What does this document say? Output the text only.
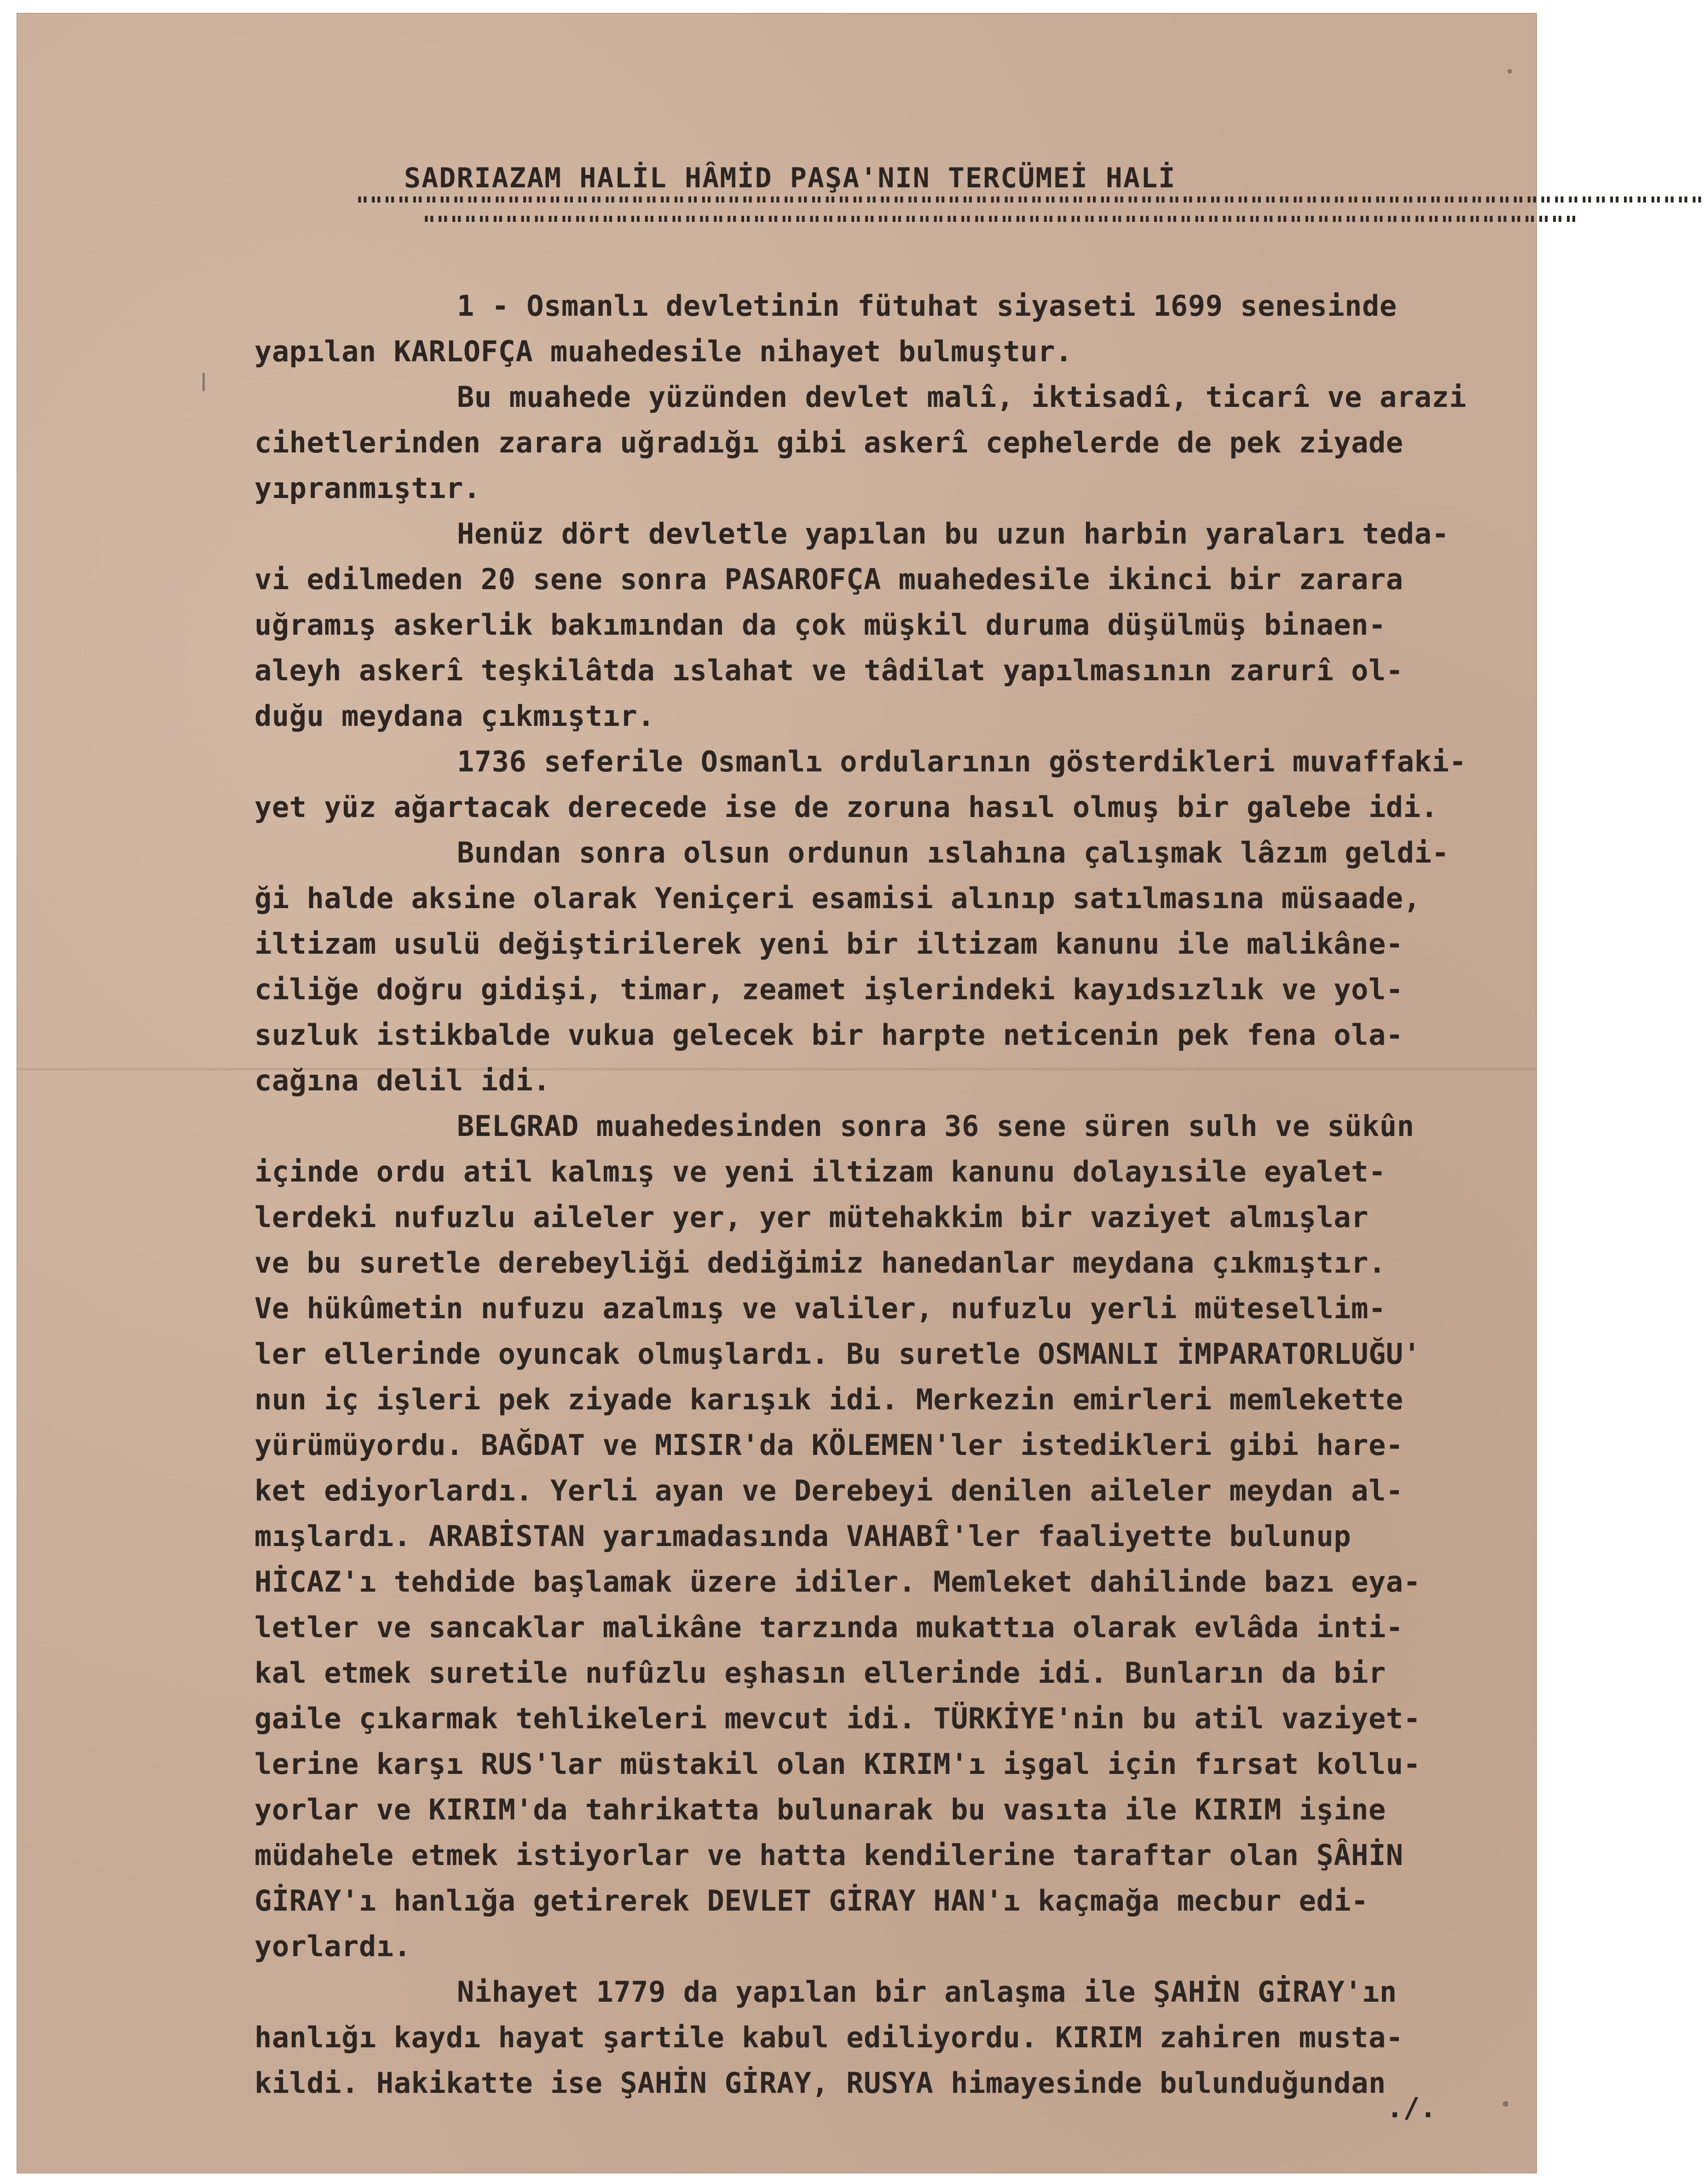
SADRIAZAM HALİL HÂMİD PAŞA'NIN TERCÜMEİ HALİ
""""""""""""""""""""""""""""""""""""""""""""""""""""""""""""""""""""""""""""""""""""""""""""""""""
""""""""""""""""""""""""""""""""""""""""""""""""""""""""""""""""""""""""""""""""""""
1 - Osmanlı devletinin fütuhat siyaseti 1699 senesinde
yapılan KARLOFÇA muahedesile nihayet bulmuştur.
Bu muahede yüzünden devlet malî, iktisadî, ticarî ve arazi
cihetlerinden zarara uğradığı gibi askerî cephelerde de pek ziyade
yıpranmıştır.
Henüz dört devletle yapılan bu uzun harbin yaraları teda-
vi edilmeden 20 sene sonra PASAROFÇA muahedesile ikinci bir zarara
uğramış askerlik bakımından da çok müşkil duruma düşülmüş binaen-
aleyh askerî teşkilâtda ıslahat ve tâdilat yapılmasının zarurî ol-
duğu meydana çıkmıştır.
1736 seferile Osmanlı ordularının gösterdikleri muvaffaki-
yet yüz ağartacak derecede ise de zoruna hasıl olmuş bir galebe idi.
Bundan sonra olsun ordunun ıslahına çalışmak lâzım geldi-
ği halde aksine olarak Yeniçeri esamisi alınıp satılmasına müsaade,
iltizam usulü değiştirilerek yeni bir iltizam kanunu ile malikâne-
ciliğe doğru gidişi, timar, zeamet işlerindeki kayıdsızlık ve yol-
suzluk istikbalde vukua gelecek bir harpte neticenin pek fena ola-
cağına delil idi.
BELGRAD muahedesinden sonra 36 sene süren sulh ve sükûn
içinde ordu atil kalmış ve yeni iltizam kanunu dolayısile eyalet-
lerdeki nufuzlu aileler yer, yer mütehakkim bir vaziyet almışlar
ve bu suretle derebeyliği dediğimiz hanedanlar meydana çıkmıştır.
Ve hükûmetin nufuzu azalmış ve valiler, nufuzlu yerli mütesellim-
ler ellerinde oyuncak olmuşlardı. Bu suretle OSMANLI İMPARATORLUĞU'
nun iç işleri pek ziyade karışık idi. Merkezin emirleri memlekette
yürümüyordu. BAĞDAT ve MISIR'da KÖLEMEN'ler istedikleri gibi hare-
ket ediyorlardı. Yerli ayan ve Derebeyi denilen aileler meydan al-
mışlardı. ARABİSTAN yarımadasında VAHABÎ'ler faaliyette bulunup
HİCAZ'ı tehdide başlamak üzere idiler. Memleket dahilinde bazı eya-
letler ve sancaklar malikâne tarzında mukattıa olarak evlâda inti-
kal etmek suretile nufûzlu eşhasın ellerinde idi. Bunların da bir
gaile çıkarmak tehlikeleri mevcut idi. TÜRKİYE'nin bu atil vaziyet-
lerine karşı RUS'lar müstakil olan KIRIM'ı işgal için fırsat kollu-
yorlar ve KIRIM'da tahrikatta bulunarak bu vasıta ile KIRIM işine
müdahele etmek istiyorlar ve hatta kendilerine taraftar olan ŞÂHİN
GİRAY'ı hanlığa getirerek DEVLET GİRAY HAN'ı kaçmağa mecbur edi-
yorlardı.
Nihayet 1779 da yapılan bir anlaşma ile ŞAHİN GİRAY'ın
hanlığı kaydı hayat şartile kabul ediliyordu. KIRIM zahiren musta-
kildi. Hakikatte ise ŞAHİN GİRAY, RUSYA himayesinde bulunduğundan
./.
